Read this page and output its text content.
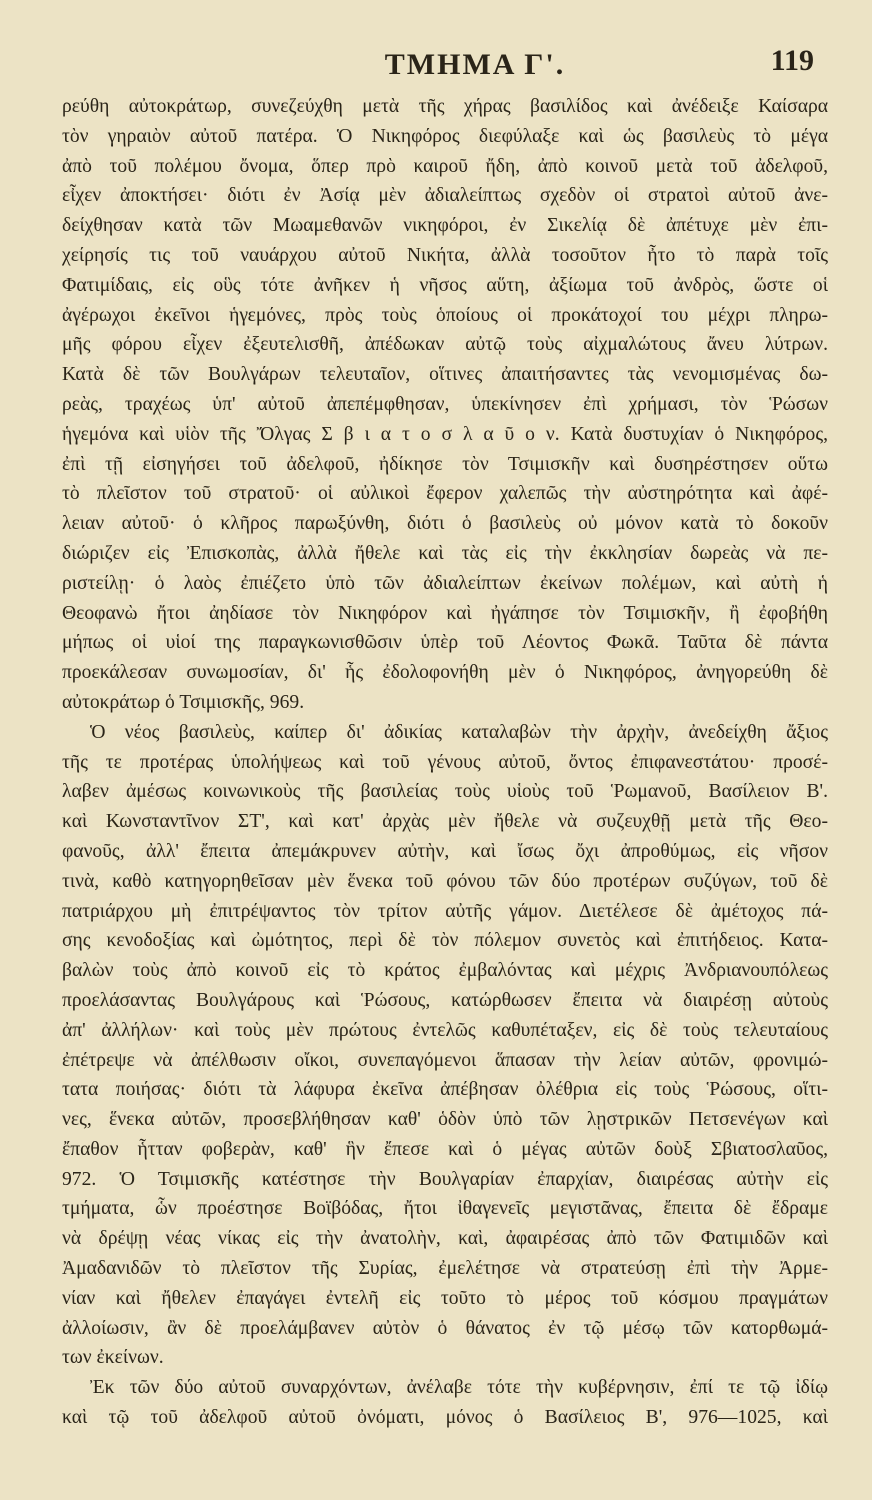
ΤΜΗΜΑ Γ'.	119
ρεύθη αὐτοκράτωρ, συνεζεύχθη μετὰ τῆς χήρας βασιλίδος καὶ ἀνέδειξε Καίσαρα
τὸν γηραιὸν αὐτοῦ πατέρα. Ὁ Νικηφόρος διεφύλαξε καὶ ὡς βασιλεὺς τὸ μέγα
ἀπὸ τοῦ πολέμου ὄνομα, ὅπερ πρὸ καιροῦ ἤδη, ἀπὸ κοινοῦ μετὰ τοῦ ἀδελφοῦ,
εἶχεν ἀποκτήσει· διότι ἐν Ἀσίᾳ μὲν ἀδιαλείπτως σχεδὸν οἱ στρατοὶ αὐτοῦ ἀνε-
δείχθησαν κατὰ τῶν Μωαμεθανῶν νικηφόροι, ἐν Σικελίᾳ δὲ ἀπέτυχε μὲν ἐπι-
χείρησίς τις τοῦ ναυάρχου αὐτοῦ Νικήτα, ἀλλὰ τοσοῦτον ἦτο τὸ παρὰ τοῖς
Φατιμίδαις, εἰς οὓς τότε ἀνῆκεν ἡ νῆσος αὕτη, ἀξίωμα τοῦ ἀνδρὸς, ὥστε οἱ
ἀγέρωχοι ἐκεῖνοι ἡγεμόνες, πρὸς τοὺς ὁποίους οἱ προκάτοχοί του μέχρι πληρω-
μῆς φόρου εἶχεν ἐξευτελισθῆ, ἀπέδωκαν αὐτῷ τοὺς αἰχμαλώτους ἄνευ λύτρων.
Κατὰ δὲ τῶν Βουλγάρων τελευταῖον, οἵτινες ἀπαιτήσαντες τὰς νενομισμένας δω-
ρεὰς, τραχέως ὑπ' αὐτοῦ ἀπεπέμφθησαν, ὑπεκίνησεν ἐπὶ χρήμασι, τὸν Ῥώσων
ἡγεμόνα καὶ υἱὸν τῆς Ὄλγας Σ β ι α τ ο σ λ α ῦ ο ν. Κατὰ δυστυχίαν ὁ Νικηφόρος,
ἐπὶ τῇ εἰσηγήσει τοῦ ἀδελφοῦ, ἠδίκησε τὸν Τσιμισκῆν καὶ δυσηρέστησεν οὕτω
τὸ πλεῖστον τοῦ στρατοῦ· οἱ αὐλικοὶ ἔφερον χαλεπῶς τὴν αὐστηρότητα καὶ ἀφέ-
λειαν αὐτοῦ· ὁ κλῆρος παρωξύνθη, διότι ὁ βασιλεὺς οὐ μόνον κατὰ τὸ δοκοῦν
διώριζεν εἰς Ἐπισκοπὰς, ἀλλὰ ἤθελε καὶ τὰς εἰς τὴν ἐκκλησίαν δωρεὰς νὰ πε-
ριστείλῃ· ὁ λαὸς ἐπιέζετο ὑπὸ τῶν ἀδιαλείπτων ἐκείνων πολέμων, καὶ αὐτὴ ἡ
Θεοφανὼ ἤτοι ἀηδίασε τὸν Νικηφόρον καὶ ἠγάπησε τὸν Τσιμισκῆν, ἢ ἐφοβήθη
μήπως οἱ υἱοί της παραγκωνισθῶσιν ὑπὲρ τοῦ Λέοντος Φωκᾶ. Ταῦτα δὲ πάντα
προεκάλεσαν συνωμοσίαν, δι' ἧς ἐδολοφονήθη μὲν ὁ Νικηφόρος, ἀνηγορεύθη δὲ
αὐτοκράτωρ ὁ Τσιμισκῆς, 969.
Ὁ νέος βασιλεὺς, καίπερ δι' ἀδικίας καταλαβὼν τὴν ἀρχὴν, ἀνεδείχθη ἄξιος
τῆς τε προτέρας ὑπολήψεως καὶ τοῦ γένους αὐτοῦ, ὄντος ἐπιφανεστάτου· προσέ-
λαβεν ἀμέσως κοινωνικοὺς τῆς βασιλείας τοὺς υἱοὺς τοῦ Ῥωμανοῦ, Βασίλειον Β'.
καὶ Κωνσταντῖνον ΣΤ', καὶ κατ' ἀρχὰς μὲν ἤθελε νὰ συζευχθῇ μετὰ τῆς Θεο-
φανοῦς, ἀλλ' ἔπειτα ἀπεμάκρυνεν αὐτὴν, καὶ ἴσως ὄχι ἀπροθύμως, εἰς νῆσον
τινὰ, καθὸ κατηγορηθεῖσαν μὲν ἕνεκα τοῦ φόνου τῶν δύο προτέρων συζύγων, τοῦ δὲ
πατριάρχου μὴ ἐπιτρέψαντος τὸν τρίτον αὐτῆς γάμον. Διετέλεσε δὲ ἀμέτοχος πά-
σης κενοδοξίας καὶ ὠμότητος, περὶ δὲ τὸν πόλεμον συνετὸς καὶ ἐπιτήδειος. Κατα-
βαλὼν τοὺς ἀπὸ κοινοῦ εἰς τὸ κράτος ἐμβαλόντας καὶ μέχρις Ἀνδριανουπόλεως
προελάσαντας Βουλγάρους καὶ Ῥώσους, κατώρθωσεν ἔπειτα νὰ διαιρέσῃ αὐτοὺς
ἀπ' ἀλλήλων· καὶ τοὺς μὲν πρώτους ἐντελῶς καθυπέταξεν, εἰς δὲ τοὺς τελευταίους
ἐπέτρεψε νὰ ἀπέλθωσιν οἴκοι, συνεπαγόμενοι ἅπασαν τὴν λείαν αὐτῶν, φρονιμώ-
τατα ποιήσας· διότι τὰ λάφυρα ἐκεῖνα ἀπέβησαν ὀλέθρια εἰς τοὺς Ῥώσους, οἵτι-
νες, ἕνεκα αὐτῶν, προσεβλήθησαν καθ' ὁδὸν ὑπὸ τῶν λῃστρικῶν Πετσενέγων καὶ
ἔπαθον ἧτταν φοβερὰν, καθ' ἣν ἔπεσε καὶ ὁ μέγας αὐτῶν δοὺξ Σβιατοσλαῦος,
972. Ὁ Τσιμισκῆς κατέστησε τὴν Βουλγαρίαν ἐπαρχίαν, διαιρέσας αὐτὴν εἰς
τμήματα, ὧν προέστησε Βοϊβόδας, ἤτοι ἰθαγενεῖς μεγιστᾶνας, ἔπειτα δὲ ἔδραμε
νὰ δρέψῃ νέας νίκας εἰς τὴν ἀνατολὴν, καὶ, ἀφαιρέσας ἀπὸ τῶν Φατιμιδῶν καὶ
Ἀμαδανιδῶν τὸ πλεῖστον τῆς Συρίας, ἐμελέτησε νὰ στρατεύσῃ ἐπὶ τὴν Ἀρμε-
νίαν καὶ ἤθελεν ἐπαγάγει ἐντελῆ εἰς τοῦτο τὸ μέρος τοῦ κόσμου πραγμάτων
ἀλλοίωσιν, ἂν δὲ προελάμβανεν αὐτὸν ὁ θάνατος ἐν τῷ μέσῳ τῶν κατορθωμά-
των ἐκείνων.
Ἐκ τῶν δύο αὐτοῦ συναρχόντων, ἀνέλαβε τότε τὴν κυβέρνησιν, ἐπί τε τῷ ἰδίῳ
καὶ τῷ τοῦ ἀδελφοῦ αὐτοῦ ὀνόματι, μόνος ὁ Βασίλειος Β', 976—1025, καὶ
